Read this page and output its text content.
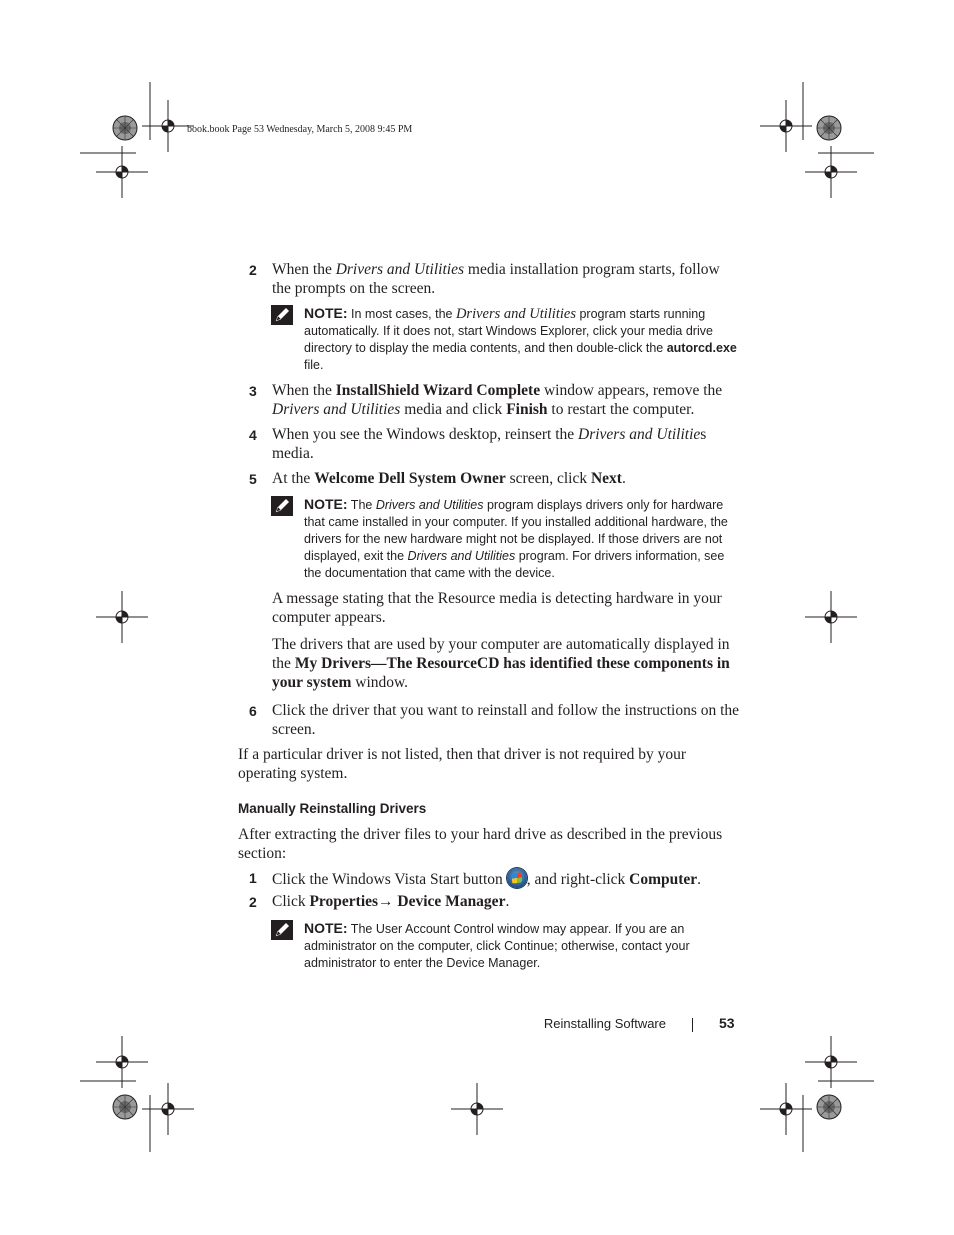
book.book Page 53 Wednesday, March 5, 2008 9:45 PM
2 When the Drivers and Utilities media installation program starts, follow the prompts on the screen.
NOTE: In most cases, the Drivers and Utilities program starts running automatically. If it does not, start Windows Explorer, click your media drive directory to display the media contents, and then double-click the autorcd.exe file.
3 When the InstallShield Wizard Complete window appears, remove the Drivers and Utilities media and click Finish to restart the computer.
4 When you see the Windows desktop, reinsert the Drivers and Utilities media.
5 At the Welcome Dell System Owner screen, click Next.
NOTE: The Drivers and Utilities program displays drivers only for hardware that came installed in your computer. If you installed additional hardware, the drivers for the new hardware might not be displayed. If those drivers are not displayed, exit the Drivers and Utilities program. For drivers information, see the documentation that came with the device.
A message stating that the Resource media is detecting hardware in your computer appears.
The drivers that are used by your computer are automatically displayed in the My Drivers—The ResourceCD has identified these components in your system window.
6 Click the driver that you want to reinstall and follow the instructions on the screen.
If a particular driver is not listed, then that driver is not required by your operating system.
Manually Reinstalling Drivers
After extracting the driver files to your hard drive as described in the previous section:
1 Click the Windows Vista Start button , and right-click Computer.
2 Click Properties→ Device Manager.
NOTE: The User Account Control window may appear. If you are an administrator on the computer, click Continue; otherwise, contact your administrator to enter the Device Manager.
Reinstalling Software	53
